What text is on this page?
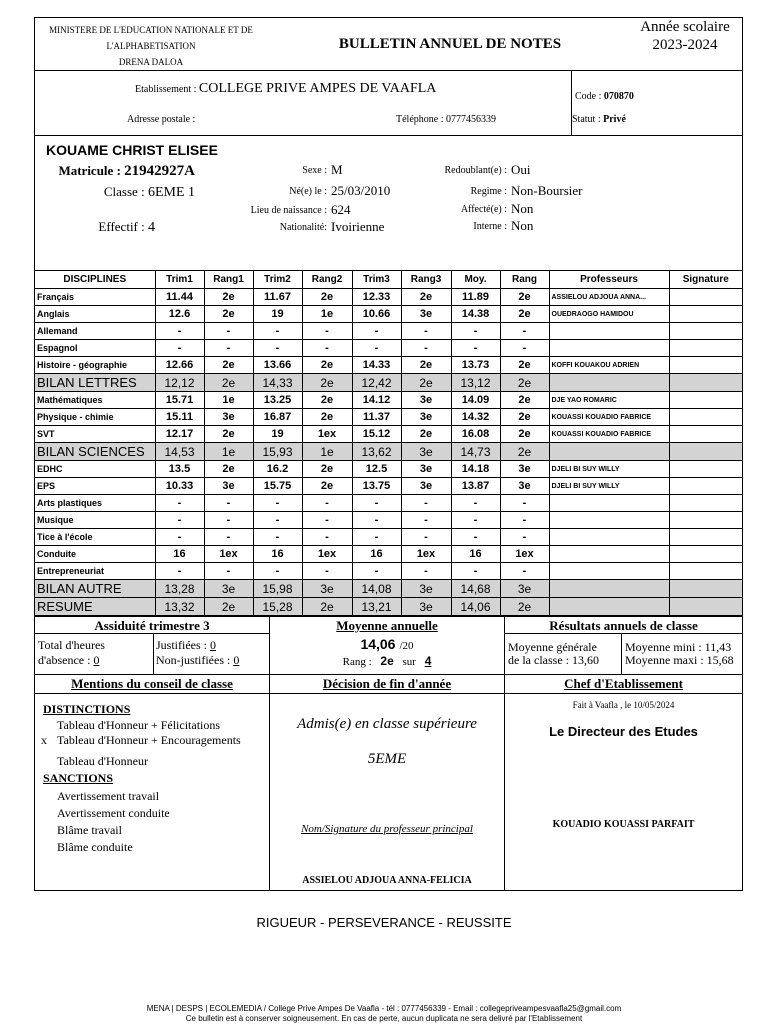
MINISTERE DE L'EDUCATION NATIONALE ET DE
L'ALPHABETISATION
DRENA DALOA
BULLETIN ANNUEL DE NOTES
Année scolaire
2023-2024
Etablissement : COLLEGE PRIVE AMPES DE VAAFLA
Adresse postale :	Téléphone : 0777456339
Code : 070870
Statut : Privé
KOUAME CHRIST ELISEE
Matricule : 21942927A
Classe : 6EME 1
Effectif : 4
Sexe : M
Né(e) le : 25/03/2010
Lieu de naissance : 624
Nationalité: Ivoirienne
Redoublant(e) : Oui
Regime : Non-Boursier
Affecté(e) : Non
Interne : Non
DISCIPLINES	Trim1	Rang1	Trim2	Rang2	Trim3	Rang3	Moy.	Rang	Professeurs	Signature
Français	11.44	2e	11.67	2e	12.33	2e	11.89	2e	ASSIELOU ADJOUA ANNA...	
Anglais	12.6	2e	19	1e	10.66	3e	14.38	2e	OUEDRAOGO HAMIDOU	
Allemand	-	-	-	-	-	-	-	-		
Espagnol	-	-	-	-	-	-	-	-		
Histoire - géographie	12.66	2e	13.66	2e	14.33	2e	13.73	2e	KOFFI KOUAKOU ADRIEN	
BILAN LETTRES	12,12	2e	14,33	2e	12,42	2e	13,12	2e		
Mathématiques	15.71	1e	13.25	2e	14.12	3e	14.09	2e	DJE YAO ROMARIC	
Physique - chimie	15.11	3e	16.87	2e	11.37	3e	14.32	2e	KOUASSI KOUADIO FABRICE	
SVT	12.17	2e	19	1ex	15.12	2e	16.08	2e	KOUASSI KOUADIO FABRICE	
BILAN SCIENCES	14,53	1e	15,93	1e	13,62	3e	14,73	2e		
EDHC	13.5	2e	16.2	2e	12.5	3e	14.18	3e	DJELI BI SUY WILLY	
EPS	10.33	3e	15.75	2e	13.75	3e	13.87	3e	DJELI BI SUY WILLY	
Arts plastiques	-	-	-	-	-	-	-	-		
Musique	-	-	-	-	-	-	-	-		
Tice à l'école	-	-	-	-	-	-	-	-		
Conduite	16	1ex	16	1ex	16	1ex	16	1ex		
Entrepreneuriat	-	-	-	-	-	-	-	-		
BILAN AUTRE	13,28	3e	15,98	3e	14,08	3e	14,68	3e		
RESUME	13,32	2e	15,28	2e	13,21	3e	14,06	2e		
Assiduité trimestre 3
Total d'heures
d'absence : 0
Justifiées : 0
Non-justifiées : 0
Moyenne annuelle
14,06 /20
Rang : 2e sur 4
Résultats annuels de classe
Moyenne générale
de la classe : 13,60
Moyenne mini : 11,43
Moyenne maxi : 15,68
Mentions du conseil de classe
DISTINCTIONS
Tableau d'Honneur + Félicitations
x Tableau d'Honneur + Encouragements
Tableau d'Honneur
SANCTIONS
Avertissement travail
Avertissement conduite
Blâme travail
Blâme conduite
Décision de fin d'année
Admis(e) en classe supérieure
5EME
Nom/Signature du professeur principal
ASSIELOU ADJOUA ANNA-FELICIA
Chef d'Etablissement
Fait à Vaafla , le 10/05/2024
Le Directeur des Etudes
KOUADIO KOUASSI PARFAIT
RIGUEUR - PERSEVERANCE - REUSSITE
MENA | DESPS | ECOLEMEDIA / College Prive Ampes De Vaafla - tél : 0777456339 - Email : collegepriveampesvaafla25@gmail.com
Ce bulletin est à conserver soigneusement. En cas de perte, aucun duplicata ne sera delivré par l'Etablissement
